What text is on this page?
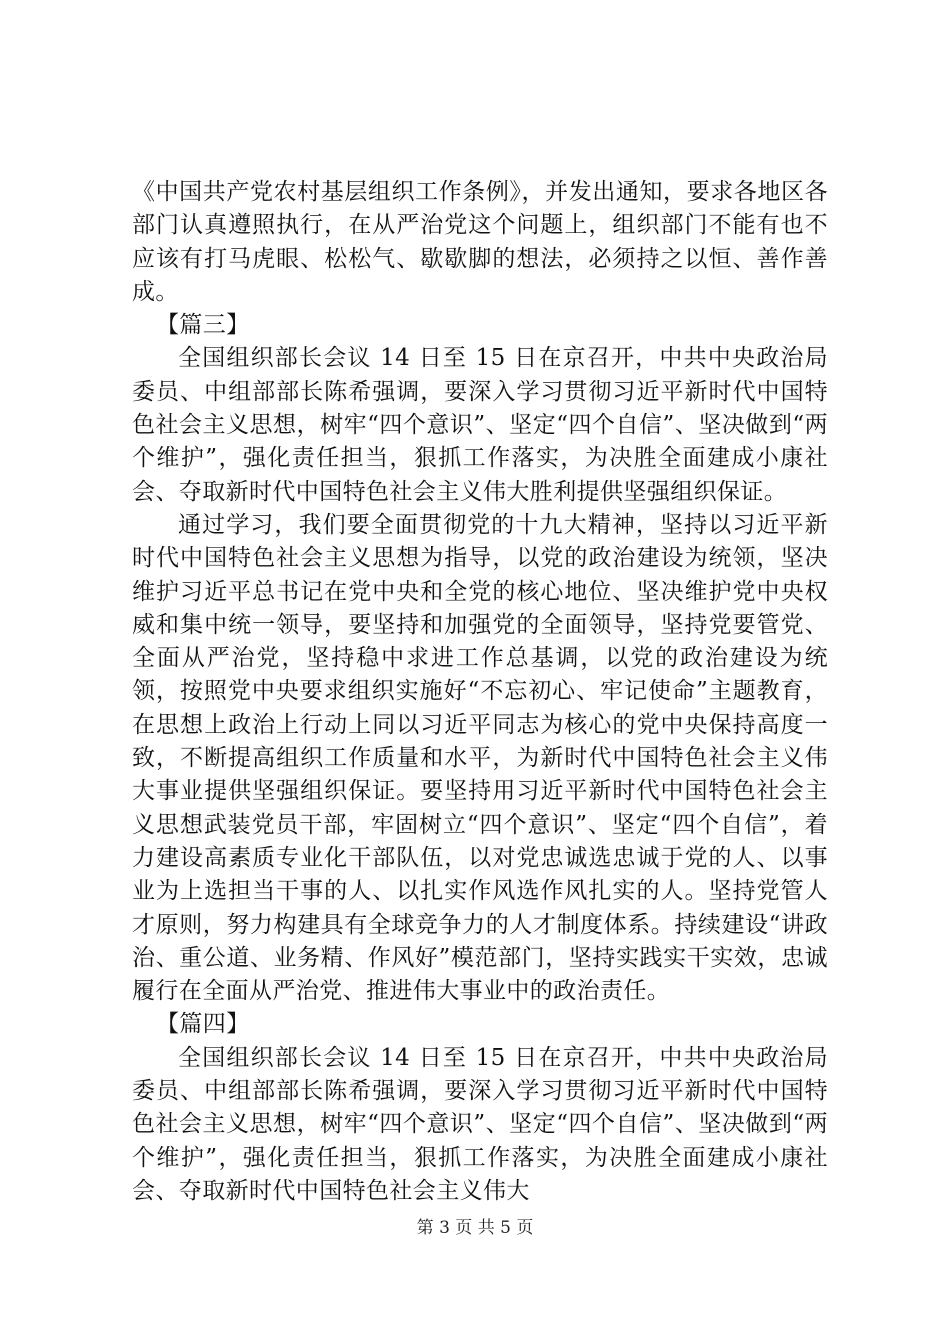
《中国共产党农村基层组织工作条例》，并发出通知，要求各地区各部门认真遵照执行，在从严治党这个问题上，组织部门不能有也不应该有打马虎眼、松松气、歇歇脚的想法，必须持之以恒、善作善成。

【篇三】

全国组织部长会议 14 日至 15 日在京召开，中共中央政治局委员、中组部部长陈希强调，要深入学习贯彻习近平新时代中国特色社会主义思想，树牢“四个意识”、坚定“四个自信”、坚决做到“两个维护”，强化责任担当，狠抓工作落实，为决胜全面建成小康社会、夺取新时代中国特色社会主义伟大胜利提供坚强组织保证。

通过学习，我们要全面贯彻党的十九大精神，坚持以习近平新时代中国特色社会主义思想为指导，以党的政治建设为统领，坚决维护习近平总书记在党中央和全党的核心地位、坚决维护党中央权威和集中统一领导，要坚持和加强党的全面领导，坚持党要管党、全面从严治党，坚持稳中求进工作总基调，以党的政治建设为统领，按照党中央要求组织实施好“不忘初心、牢记使命”主题教育，在思想上政治上行动上同以习近平同志为核心的党中央保持高度一致，不断提高组织工作质量和水平，为新时代中国特色社会主义伟大事业提供坚强组织保证。要坚持用习近平新时代中国特色社会主义思想武装党员干部，牢固树立“四个意识”、坚定“四个自信”，着力建设高素质专业化干部队伍，以对党忠诚选忠诚于党的人、以事业为上选担当干事的人、以扎实作风选作风扎实的人。坚持党管人才原则，努力构建具有全球竞争力的人才制度体系。持续建设“讲政治、重公道、业务精、作风好”模范部门，坚持实践实干实效，忠诚履行在全面从严治党、推进伟大事业中的政治责任。

【篇四】

全国组织部长会议 14 日至 15 日在京召开，中共中央政治局委员、中组部部长陈希强调，要深入学习贯彻习近平新时代中国特色社会主义思想，树牢“四个意识”、坚定“四个自信”、坚决做到“两个维护”，强化责任担当，狠抓工作落实，为决胜全面建成小康社会、夺取新时代中国特色社会主义伟大

第 3 页 共 5 页
